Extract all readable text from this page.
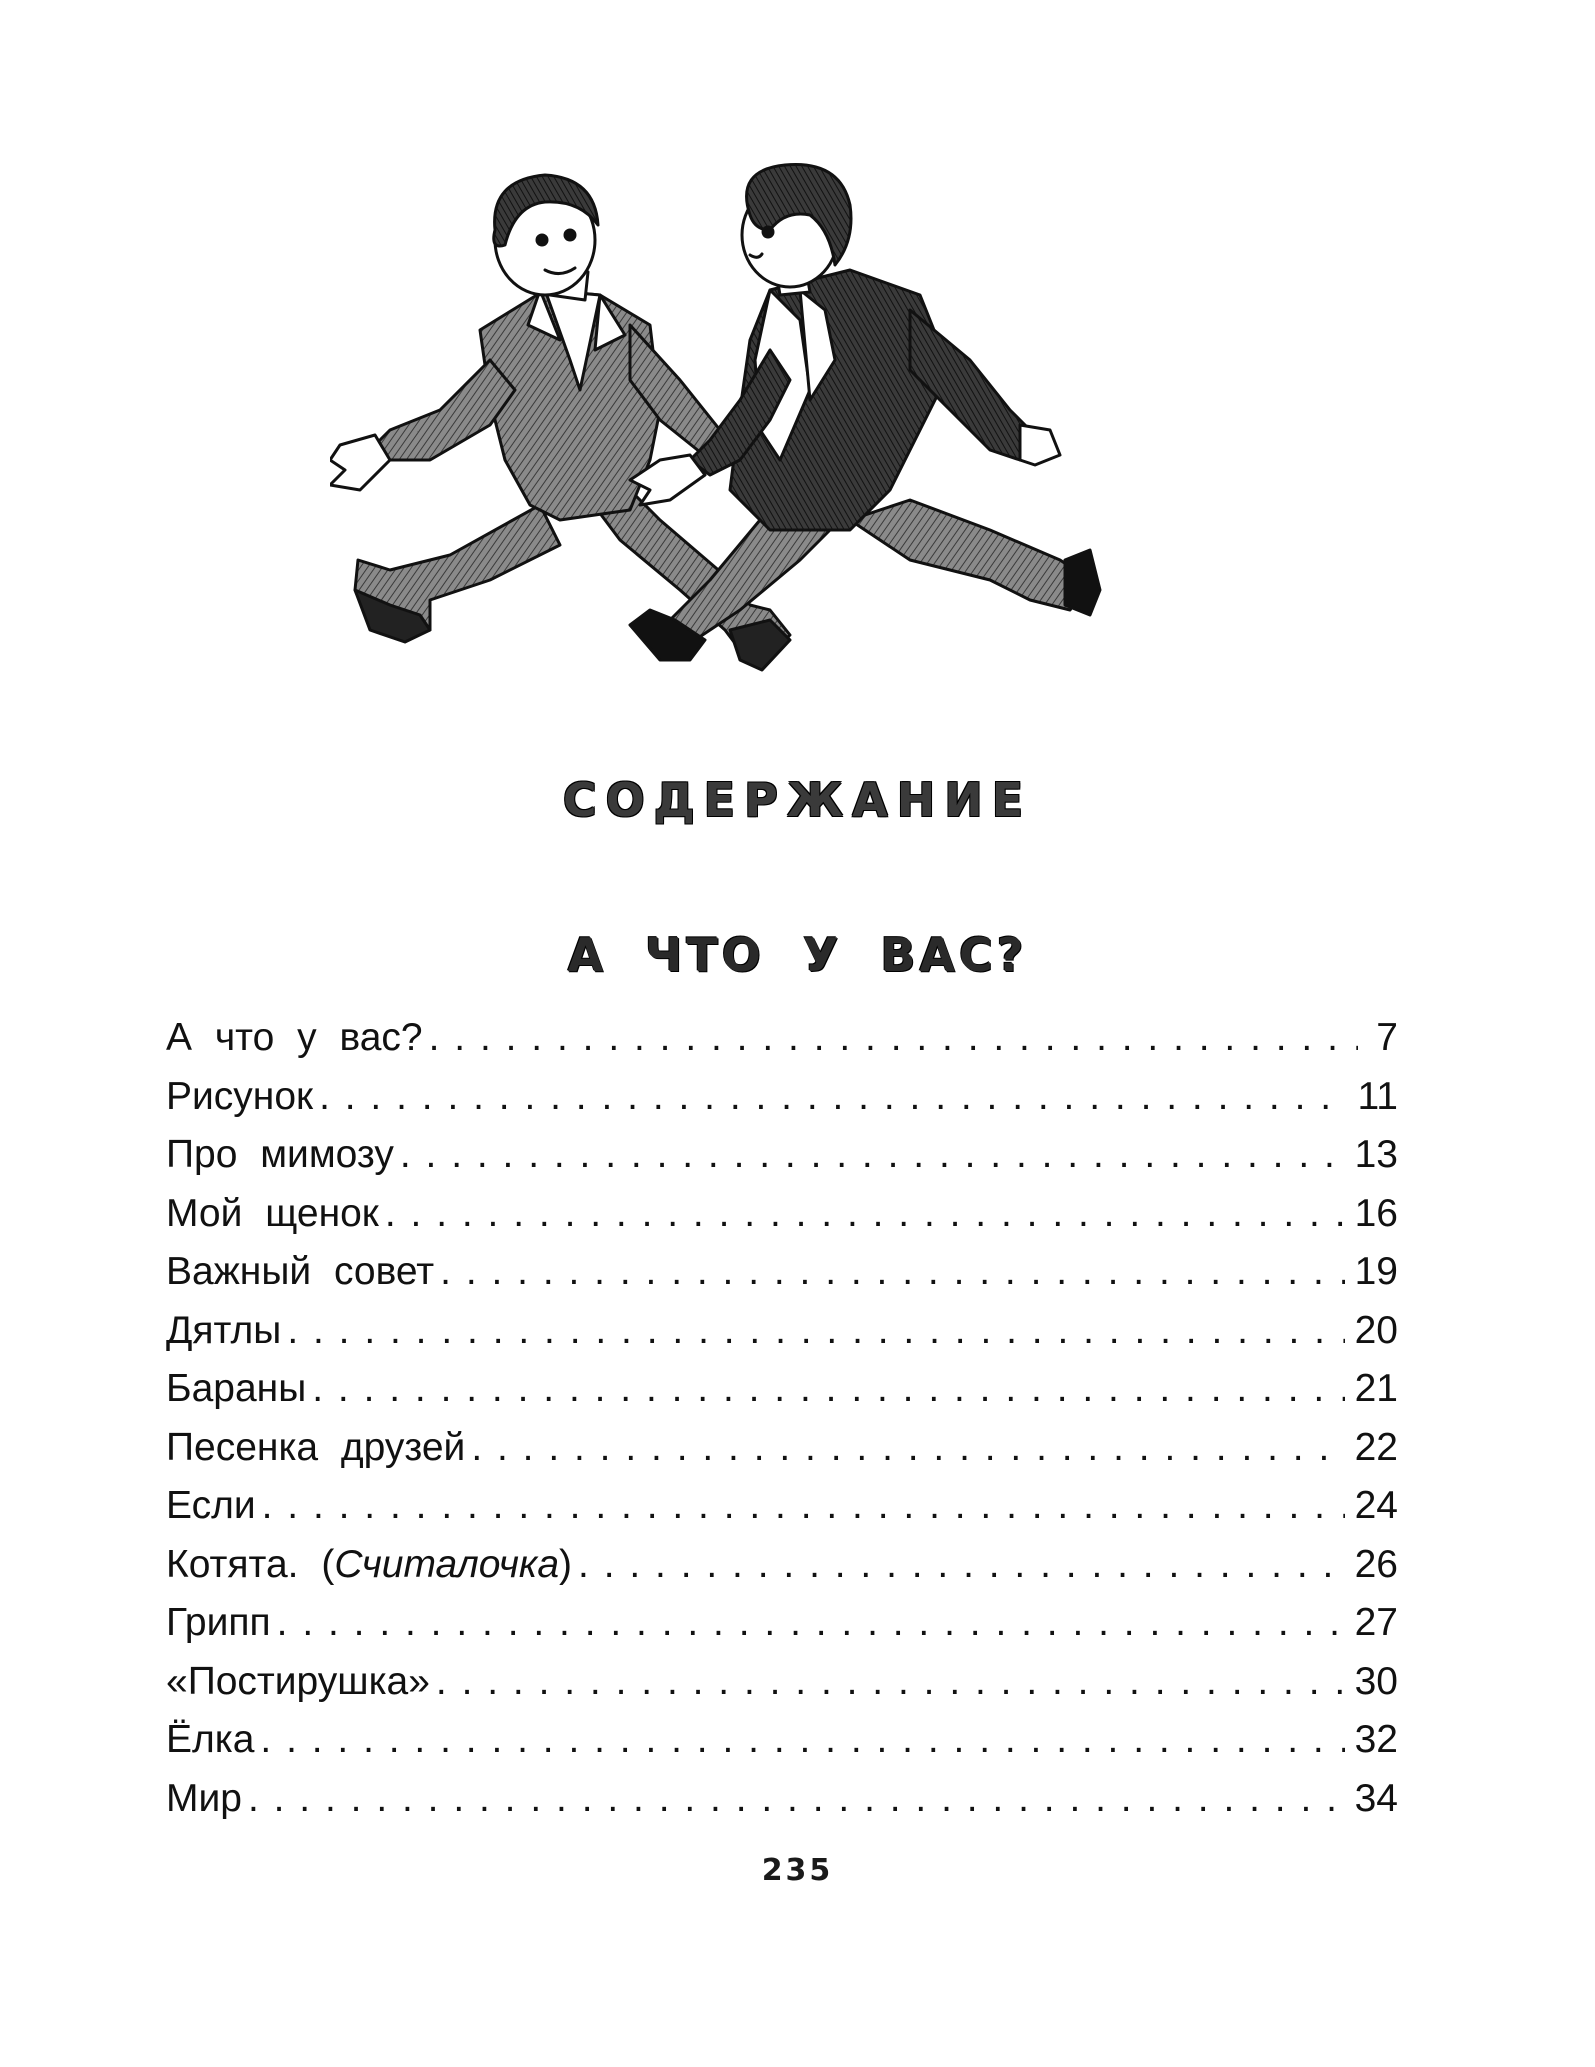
СОДЕРЖАНИЕ
А ЧТО У ВАС?
А что у вас? . . .	7
Рисунок . . .	11
Про мимозу . . .	13
Мой щенок . . .	16
Важный совет . . .	19
Дятлы . . .	20
Бараны . . .	21
Песенка друзей . . .	22
Если . . .	24
Котята. (Считалочка) . . .	26
Грипп . . .	27
«Постирушка» . . .	30
Ёлка . . .	32
Мир . . .	34
235
